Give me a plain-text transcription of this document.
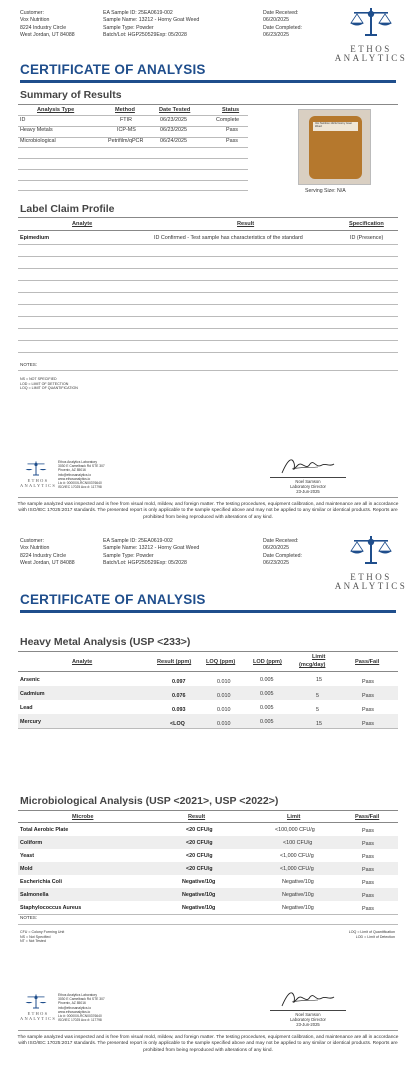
Customer:
Vox Nutrition
8224 Industry Circle
West Jordan, UT 84088
EA Sample ID: 25EA0619-002
Sample Name: 13212 - Horny Goat Weed
Sample Type: Powder
Batch/Lot: HGP250529Exp: 05/2028
Date Received:
06/20/2025
Date Completed:
06/23/2025
ETHOS
ANALYTICS
CERTIFICATE OF ANALYSIS
Summary of Results
Analysis Type	Method	Date Tested	Status
ID	FTIR	06/23/2025	Complete
Heavy Metals	ICP-MS	06/23/2025	Pass
Microbiological	Petrifilm/qPCR	06/24/2025	Pass
Vox Nutrition 13212 Horny Goat Weed
Serving Size: N/A
Label Claim Profile
Analyte	Result	Specification
Epimedium	ID Confirmed - Test sample has characteristics of the standard	ID (Presence)
NOTES:
NS = NOT SPECIFIED
LOD = LIMIT OF DETECTION
LOQ = LIMIT OF QUANTIFICATION
ETHOS
ANALYTICS
Ethos Analytics Laboratory
3030 E Camelback Rd STE 307
Phoenix, AZ 85016
info@ethosanalytics.io
www.ethosanalytics.io
Lic #: 00000XLRCN00376640
ISO/IEC 17025 Acc #: 117798
Noel Samson
Laboratory Director
23-Jun-2025
The sample analyzed was inspected and is free from visual mold, mildew, and foreign matter. The testing procedures, equipment calibration, and maintenance are all in accordance with ISO/IEC 17025:2017 standards. The presented report is only applicable to the sample specified above and may not be applied to any similar or identical products. Reports are prohibited from being reproduced with alterations of any kind.
Customer:
Vox Nutrition
8224 Industry Circle
West Jordan, UT 84088
EA Sample ID: 25EA0619-002
Sample Name: 13212 - Horny Goat Weed
Sample Type: Powder
Batch/Lot: HGP250529Exp: 05/2028
Date Received:
06/20/2025
Date Completed:
06/23/2025
ETHOS
ANALYTICS
CERTIFICATE OF ANALYSIS
Heavy Metal Analysis (USP <233>)
Analyte	Result (ppm)	LOQ (ppm)	LOD (ppm)
Limit
(mcg/day)	Pass/Fail
Arsenic	0.097	0.010	0.005	15	Pass
Cadmium	0.076	0.010	0.005	5	Pass
Lead	0.093	0.010	0.005	5	Pass
Mercury	<LOQ	0.010	0.005	15	Pass
Microbiological Analysis (USP <2021>, USP <2022>)
Microbe	Result	Limit	Pass/Fail
Total Aerobic Plate	<20 CFU/g	<100,000 CFU/g	Pass
Coliform	<20 CFU/g	<100 CFU/g	Pass
Yeast	<20 CFU/g	<1,000 CFU/g	Pass
Mold	<20 CFU/g	<1,000 CFU/g	Pass
Escherichia Coli	Negative/10g	Negative/10g	Pass
Salmonella	Negative/10g	Negative/10g	Pass
Staphylococcus Aureus	Negative/10g	Negative/10g	Pass
NOTES:
CFU = Colony Forming Unit
NS = Not Specified
NT = Not Tested
LOQ = Limit of Quantification
LOD = Limit of Detection
ETHOS
ANALYTICS
Ethos Analytics Laboratory
3030 E Camelback Rd STE 307
Phoenix, AZ 85016
info@ethosanalytics.io
www.ethosanalytics.io
Lic #: 00000XLRCN00376640
ISO/IEC 17025 Acc #: 117798
Noel Samson
Laboratory Director
23-Jun-2025
The sample analyzed was inspected and is free from visual mold, mildew, and foreign matter. The testing procedures, equipment calibration, and maintenance are all in accordance with ISO/IEC 17025:2017 standards. The presented report is only applicable to the sample specified above and may not be applied to any similar or identical products. Reports are prohibited from being reproduced with alterations of any kind.
